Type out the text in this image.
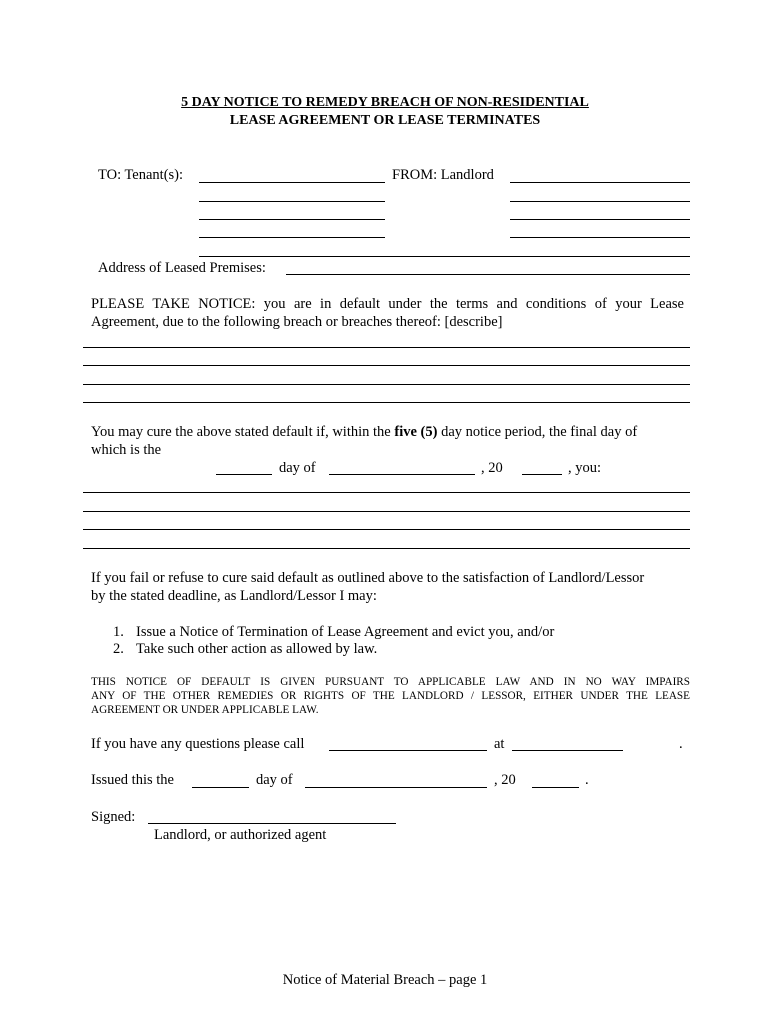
5 DAY NOTICE TO REMEDY BREACH OF NON-RESIDENTIAL
LEASE AGREEMENT OR LEASE TERMINATES
TO: Tenant(s):	FROM: Landlord
Address of Leased Premises:
PLEASE TAKE NOTICE: you are in default under the terms and conditions of your Lease
Agreement, due to the following breach or breaches thereof: [describe]
You may cure the above stated default if, within the five (5) day notice period, the final day of
which is the
day of	, 20	, you:
If you fail or refuse to cure said default as outlined above to the satisfaction of Landlord/Lessor
by the stated deadline, as Landlord/Lessor I may:
1. Issue a Notice of Termination of Lease Agreement and evict you, and/or
2. Take such other action as allowed by law.
THIS NOTICE OF DEFAULT IS GIVEN PURSUANT TO APPLICABLE LAW AND IN NO WAY IMPAIRS
ANY OF THE OTHER REMEDIES OR RIGHTS OF THE LANDLORD / LESSOR, EITHER UNDER THE LEASE
AGREEMENT OR UNDER APPLICABLE LAW.
If you have any questions please call	at	.
Issued this the	day of	, 20	.
Signed:
Landlord, or authorized agent
Notice of Material Breach – page 1
